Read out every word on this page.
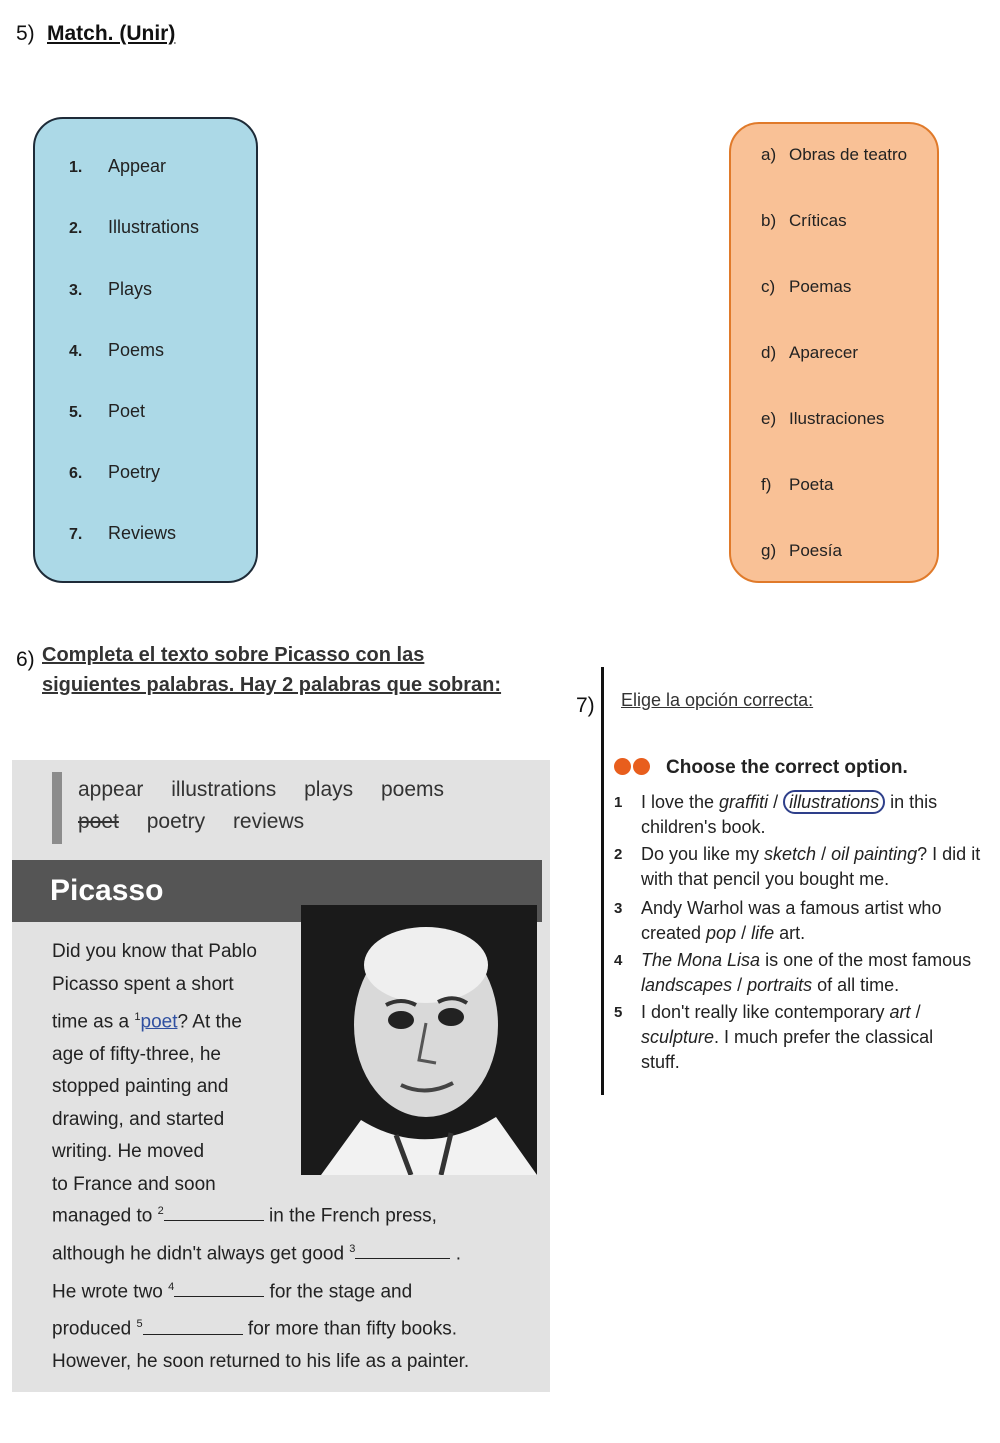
5) Match. (Unir)
1. Appear
2. Illustrations
3. Plays
4. Poems
5. Poet
6. Poetry
7. Reviews
a) Obras de teatro
b) Críticas
c) Poemas
d) Aparecer
e) Ilustraciones
f) Poeta
g) Poesía
6) Completa el texto sobre Picasso con las siguientes palabras. Hay 2 palabras que sobran:
appear illustrations plays poems poet poetry reviews
Picasso
Did you know that Pablo
Picasso spent a short
time as a $^1$poet? At the
age of fifty-three, he
stopped painting and
drawing, and started
writing. He moved
to France and soon
managed to $^2$	in the French press,
although he didn't always get good $^3$	.
He wrote two $^4$	for the stage and
produced $^5$	for more than fifty books.
However, he soon returned to his life as a painter.
7) Elige la opción correcta:
Choose the correct option.
1 I love the graffiti / illustrations in this children's book.
2 Do you like my sketch / oil painting? I did it with that pencil you bought me.
3 Andy Warhol was a famous artist who created pop / life art.
4 The Mona Lisa is one of the most famous landscapes / portraits of all time.
5 I don't really like contemporary art / sculpture. I much prefer the classical stuff.
